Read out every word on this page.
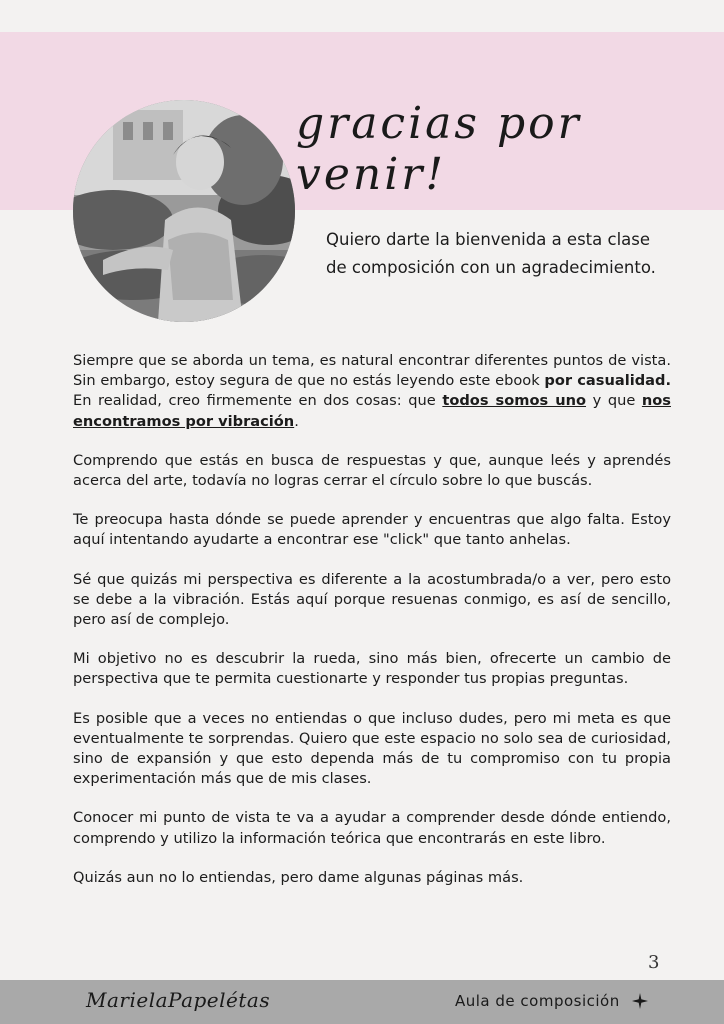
gracias por venir!
Quiero darte la bienvenida a esta clase
de composición con un agradecimiento.

Siempre que se aborda un tema, es natural encontrar diferentes puntos de vista. Sin embargo, estoy segura de que no estás leyendo este ebook por casualidad. En realidad, creo firmemente en dos cosas: que todos somos uno y que nos encontramos por vibración.

Comprendo que estás en busca de respuestas y que, aunque leés y aprendés acerca del arte, todavía no logras cerrar el círculo sobre lo que buscás.

Te preocupa hasta dónde se puede aprender y encuentras que algo falta. Estoy aquí intentando ayudarte a encontrar ese "click" que tanto anhelas.

Sé que quizás mi perspectiva es diferente a la acostumbrada/o a ver, pero esto se debe a la vibración. Estás aquí porque resuenas conmigo, es así de sencillo, pero así de complejo.

Mi objetivo no es descubrir la rueda, sino más bien, ofrecerte un cambio de perspectiva que te permita cuestionarte y responder tus propias preguntas.

Es posible que a veces no entiendas o que incluso dudes, pero mi meta es que eventualmente te sorprendas. Quiero que este espacio no solo sea de curiosidad, sino de expansión y que esto dependa más de tu compromiso con tu propia experimentación más que de mis clases.

Conocer mi punto de vista te va a ayudar a comprender desde dónde entiendo, comprendo y utilizo la información teórica que encontrarás en este libro.

Quizás aun no lo entiendas, pero dame algunas páginas más.

3
MarielaPapelétas	Aula de composición
